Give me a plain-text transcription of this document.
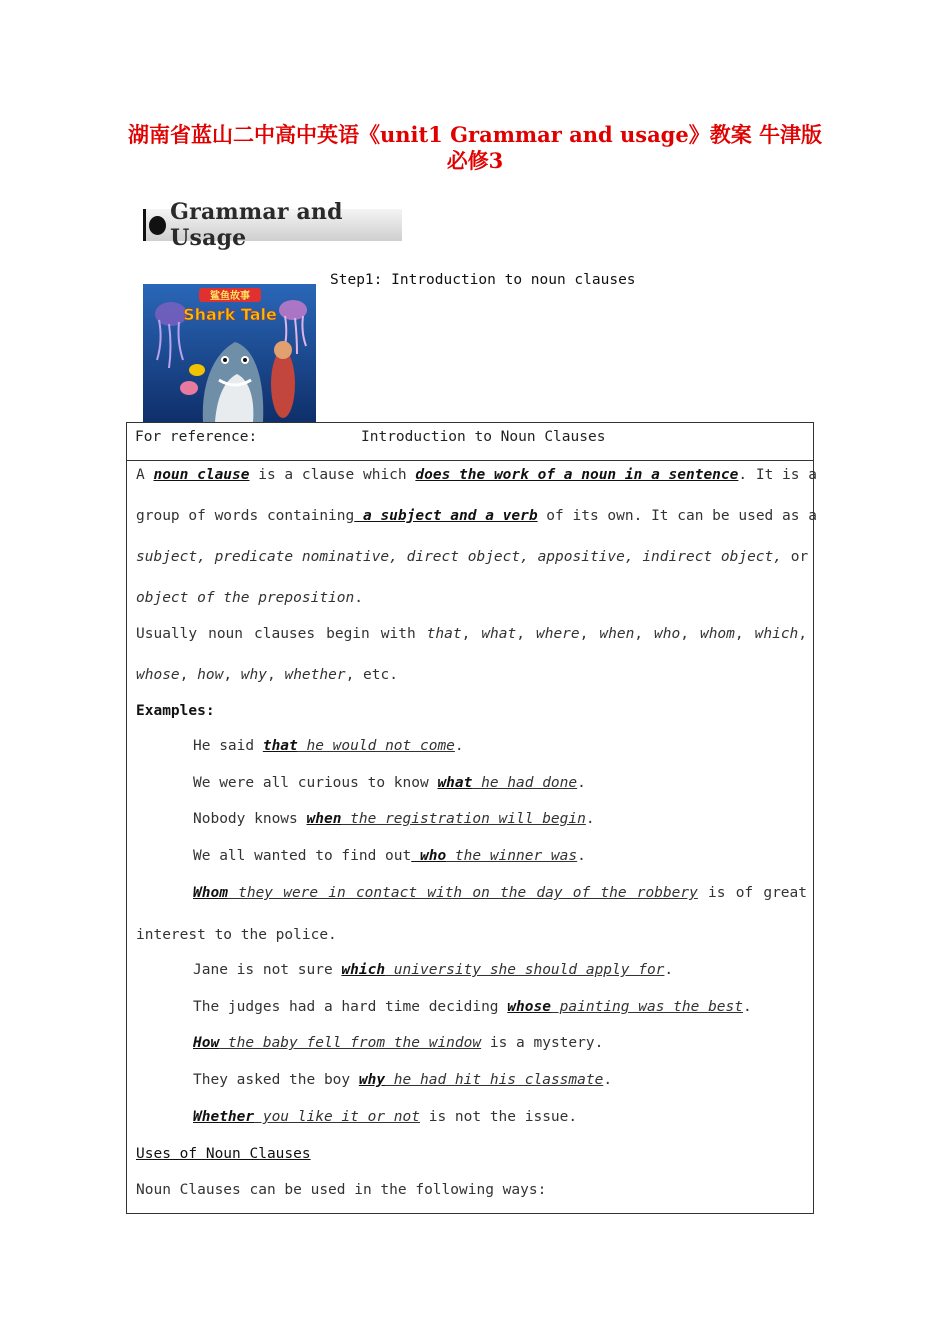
湖南省蓝山二中高中英语《unit1 Grammar and usage》教案 牛津版
必修3
Grammar and Usage
鲨鱼故事
Shark Tale
Step1: Introduction to noun clauses
For reference:	Introduction to Noun Clauses
A noun clause is a clause which does the work of a noun in a sentence. It is a
group of words containing a subject and a verb of its own. It can be used as a
subject, predicate nominative, direct object, appositive, indirect object, or
object of the preposition.
Usually noun clauses begin with that, what, where, when, who, whom, which,
whose, how, why, whether, etc.
Examples:
He said that he would not come.
We were all curious to know what he had done.
Nobody knows when the registration will begin.
We all wanted to find out who the winner was.
Whom they were in contact with on the day of the robbery is of great
interest to the police.
Jane is not sure which university she should apply for.
The judges had a hard time deciding whose painting was the best.
How the baby fell from the window is a mystery.
They asked the boy why he had hit his classmate.
Whether you like it or not is not the issue.
Uses of Noun Clauses
Noun Clauses can be used in the following ways:
